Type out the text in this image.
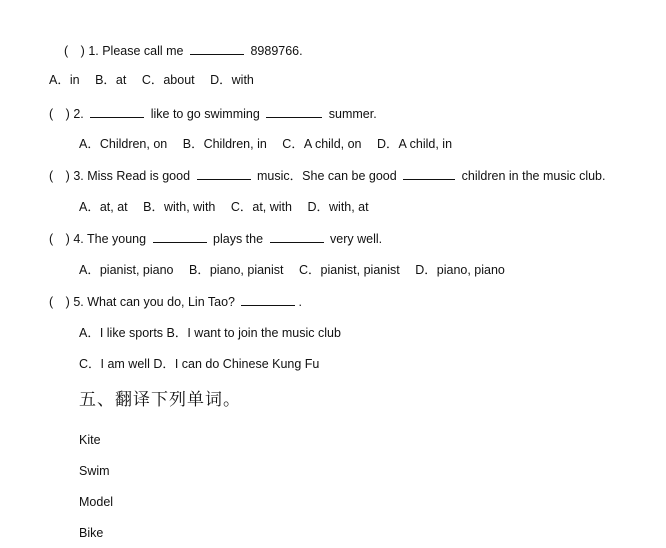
(　) 1. Please call me	8989766.
A．in B．at C．about D．with
(　) 2.	like to go swimming	summer.
A．Children, on B．Children, in C．A child, on D．A child, in
(　) 3. Miss Read is good	music．She can be good	children in the music club.
A．at, at B．with, with C．at, with D．with, at
(　) 4. The young	plays the	very well.
A．pianist, piano B．piano, pianist C．pianist, pianist D．piano, piano
(　) 5. What can you do, Lin Tao?	.
A．I like sports B．I want to join the music club
C．I am well D．I can do Chinese Kung Fu
五、翻译下列单词。
Kite
Swim
Model
Bike
